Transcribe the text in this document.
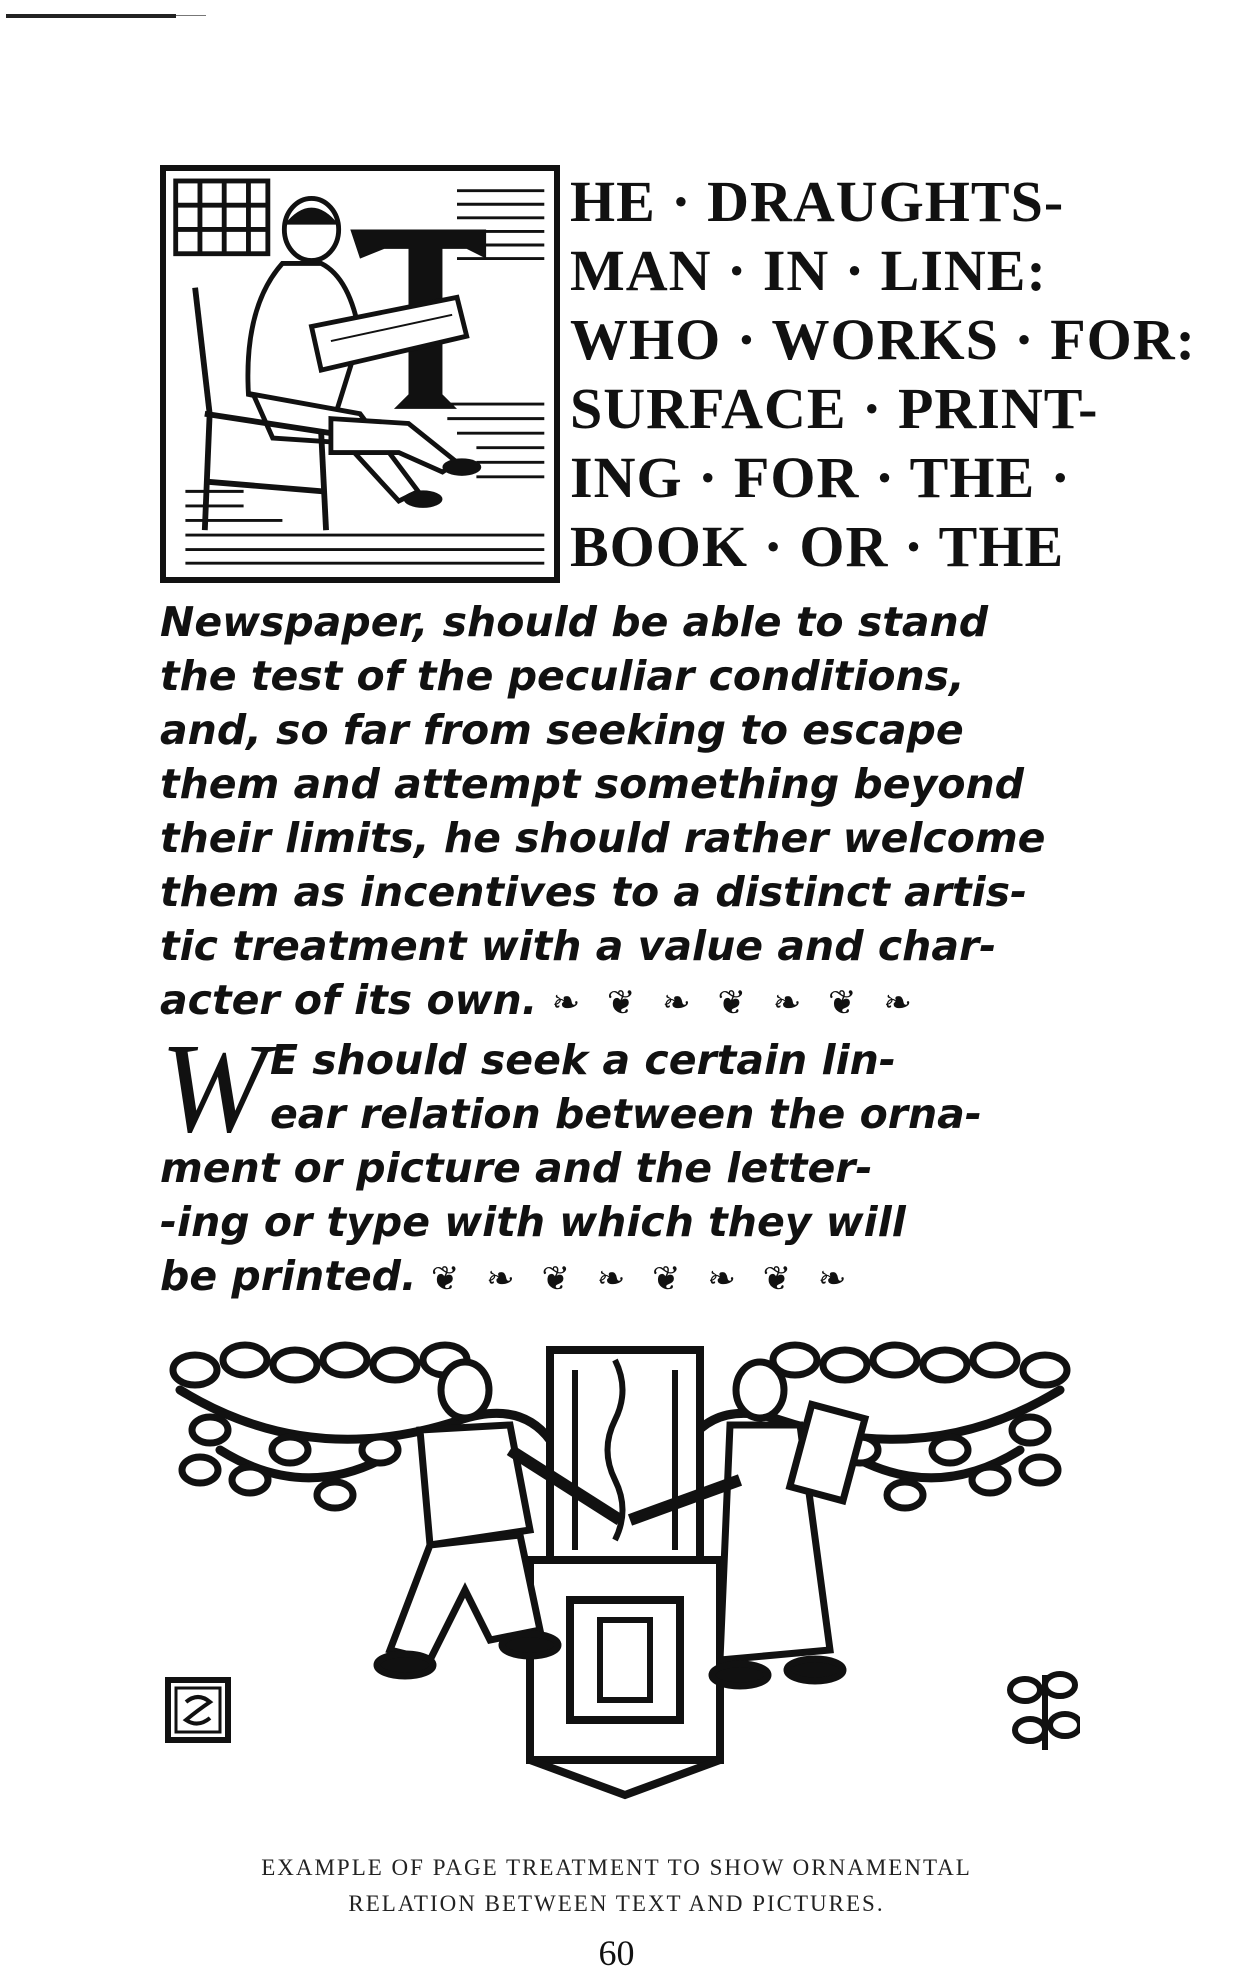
HE · DRAUGHTS-
MAN · IN · LINE:
WHO · WORKS · FOR:
SURFACE · PRINT-
ING · FOR · THE ·
BOOK · OR · THE
Newspaper, should be able to stand
the test of the peculiar conditions,
and, so far from seeking to escape
them and attempt something beyond
their limits, he should rather welcome
them as incentives to a distinct artis-
tic treatment with a value and char-
acter of its own. ❧ ❦ ❧ ❦ ❧ ❦ ❧
W E should seek a certain lin-
ear relation between the orna-
ment or picture and the letter-
-ing or type with which they will
be printed. ❦ ❧ ❦ ❧ ❦ ❧ ❦ ❧
EXAMPLE OF PAGE TREATMENT TO SHOW ORNAMENTAL
RELATION BETWEEN TEXT AND PICTURES.
60
